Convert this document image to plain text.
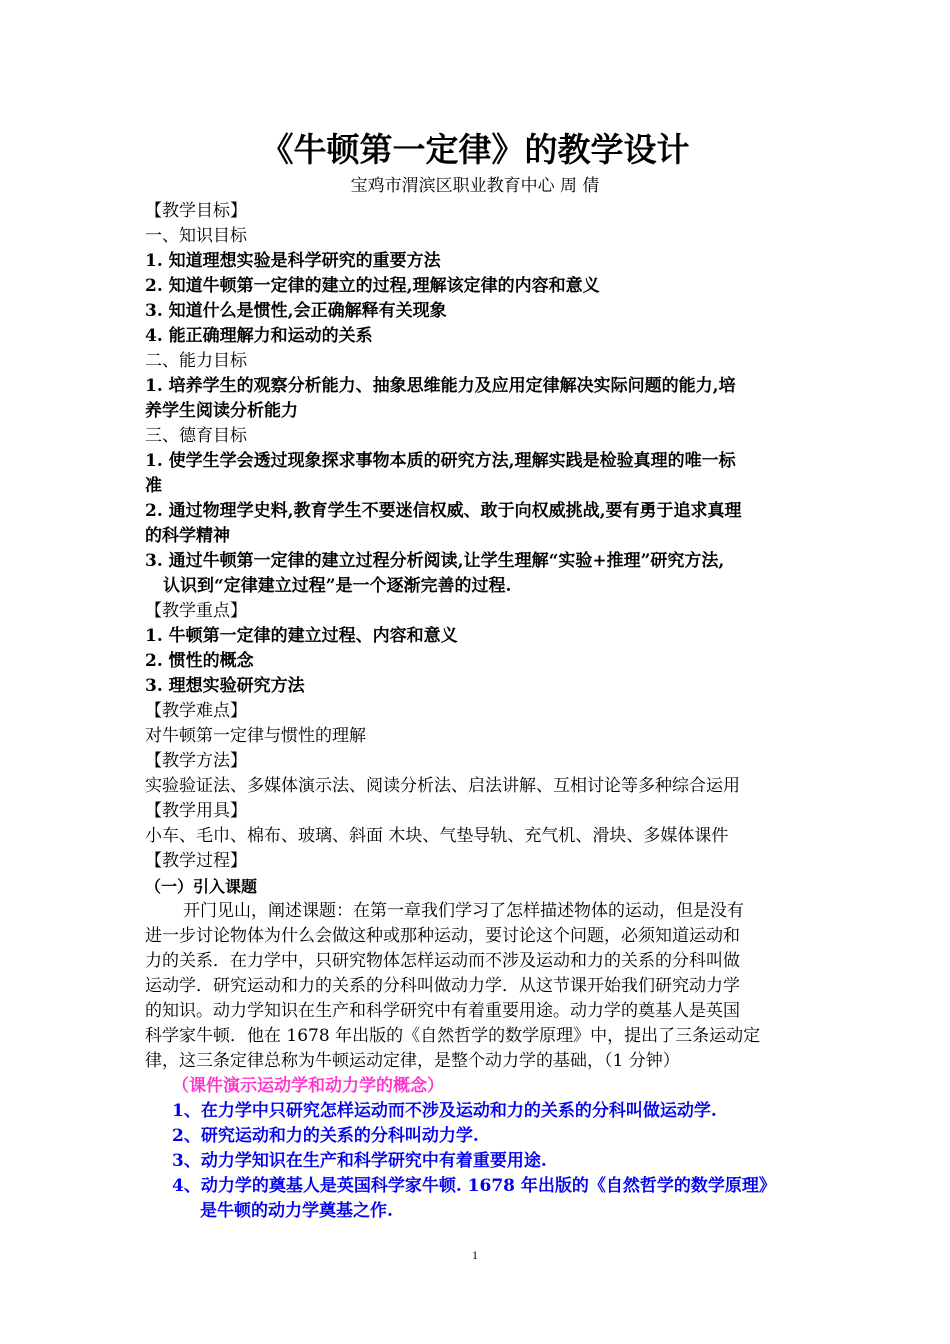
《牛顿第一定律》的教学设计
宝鸡市渭滨区职业教育中心 周 倩
【教学目标】
一、知识目标
1. 知道理想实验是科学研究的重要方法
2. 知道牛顿第一定律的建立的过程,理解该定律的内容和意义
3. 知道什么是惯性,会正确解释有关现象
4. 能正确理解力和运动的关系
二、能力目标
1. 培养学生的观察分析能力、抽象思维能力及应用定律解决实际问题的能力,培
养学生阅读分析能力
三、德育目标
1. 使学生学会透过现象探求事物本质的研究方法,理解实践是检验真理的唯一标
准
2. 通过物理学史料,教育学生不要迷信权威、敢于向权威挑战,要有勇于追求真理
的科学精神
3. 通过牛顿第一定律的建立过程分析阅读,让学生理解“实验+推理”研究方法,
认识到“定律建立过程”是一个逐渐完善的过程.
【教学重点】
1. 牛顿第一定律的建立过程、内容和意义
2. 惯性的概念
3. 理想实验研究方法
【教学难点】
对牛顿第一定律与惯性的理解
【教学方法】
实验验证法、多媒体演示法、阅读分析法、启法讲解、互相讨论等多种综合运用
【教学用具】
小车、毛巾、棉布、玻璃、斜面 木块、气垫导轨、充气机、滑块、多媒体课件
【教学过程】
（一）引入课题
开门见山，阐述课题：在第一章我们学习了怎样描述物体的运动，但是没有
进一步讨论物体为什么会做这种或那种运动，要讨论这个问题，必须知道运动和
力的关系．在力学中，只研究物体怎样运动而不涉及运动和力的关系的分科叫做
运动学．研究运动和力的关系的分科叫做动力学．从这节课开始我们研究动力学
的知识。动力学知识在生产和科学研究中有着重要用途。动力学的奠基人是英国
科学家牛顿．他在 1678 年出版的《自然哲学的数学原理》中，提出了三条运动定
律，这三条定律总称为牛顿运动定律，是整个动力学的基础，（1 分钟）
（课件演示运动学和动力学的概念）
1、在力学中只研究怎样运动而不涉及运动和力的关系的分科叫做运动学.
2、研究运动和力的关系的分科叫动力学.
3、动力学知识在生产和科学研究中有着重要用途.
4、动力学的奠基人是英国科学家牛顿. 1678 年出版的《自然哲学的数学原理》
是牛顿的动力学奠基之作.
1
